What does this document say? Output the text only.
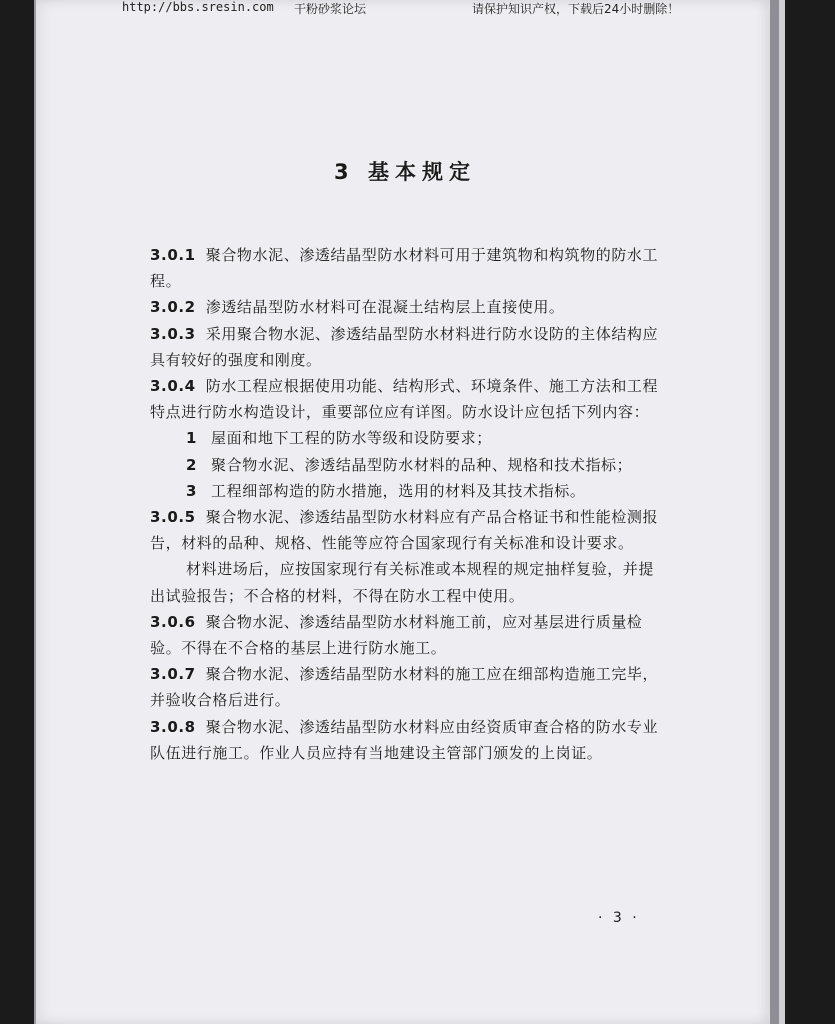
http://bbs.sresin.com 干粉砂浆论坛	请保护知识产权，下载后24小时删除！
3 基本规定

3.0.1 聚合物水泥、渗透结晶型防水材料可用于建筑物和构筑物的防水工程。

3.0.2 渗透结晶型防水材料可在混凝土结构层上直接使用。

3.0.3 采用聚合物水泥、渗透结晶型防水材料进行防水设防的主体结构应具有较好的强度和刚度。

3.0.4 防水工程应根据使用功能、结构形式、环境条件、施工方法和工程特点进行防水构造设计，重要部位应有详图。防水设计应包括下列内容：

1 屋面和地下工程的防水等级和设防要求；

2 聚合物水泥、渗透结晶型防水材料的品种、规格和技术指标；

3 工程细部构造的防水措施，选用的材料及其技术指标。

3.0.5 聚合物水泥、渗透结晶型防水材料应有产品合格证书和性能检测报告，材料的品种、规格、性能等应符合国家现行有关标准和设计要求。

材料进场后，应按国家现行有关标准或本规程的规定抽样复验，并提出试验报告；不合格的材料，不得在防水工程中使用。

3.0.6 聚合物水泥、渗透结晶型防水材料施工前，应对基层进行质量检验。不得在不合格的基层上进行防水施工。

3.0.7 聚合物水泥、渗透结晶型防水材料的施工应在细部构造施工完毕，并验收合格后进行。

3.0.8 聚合物水泥、渗透结晶型防水材料应由经资质审查合格的防水专业队伍进行施工。作业人员应持有当地建设主管部门颁发的上岗证。

· 3 ·
